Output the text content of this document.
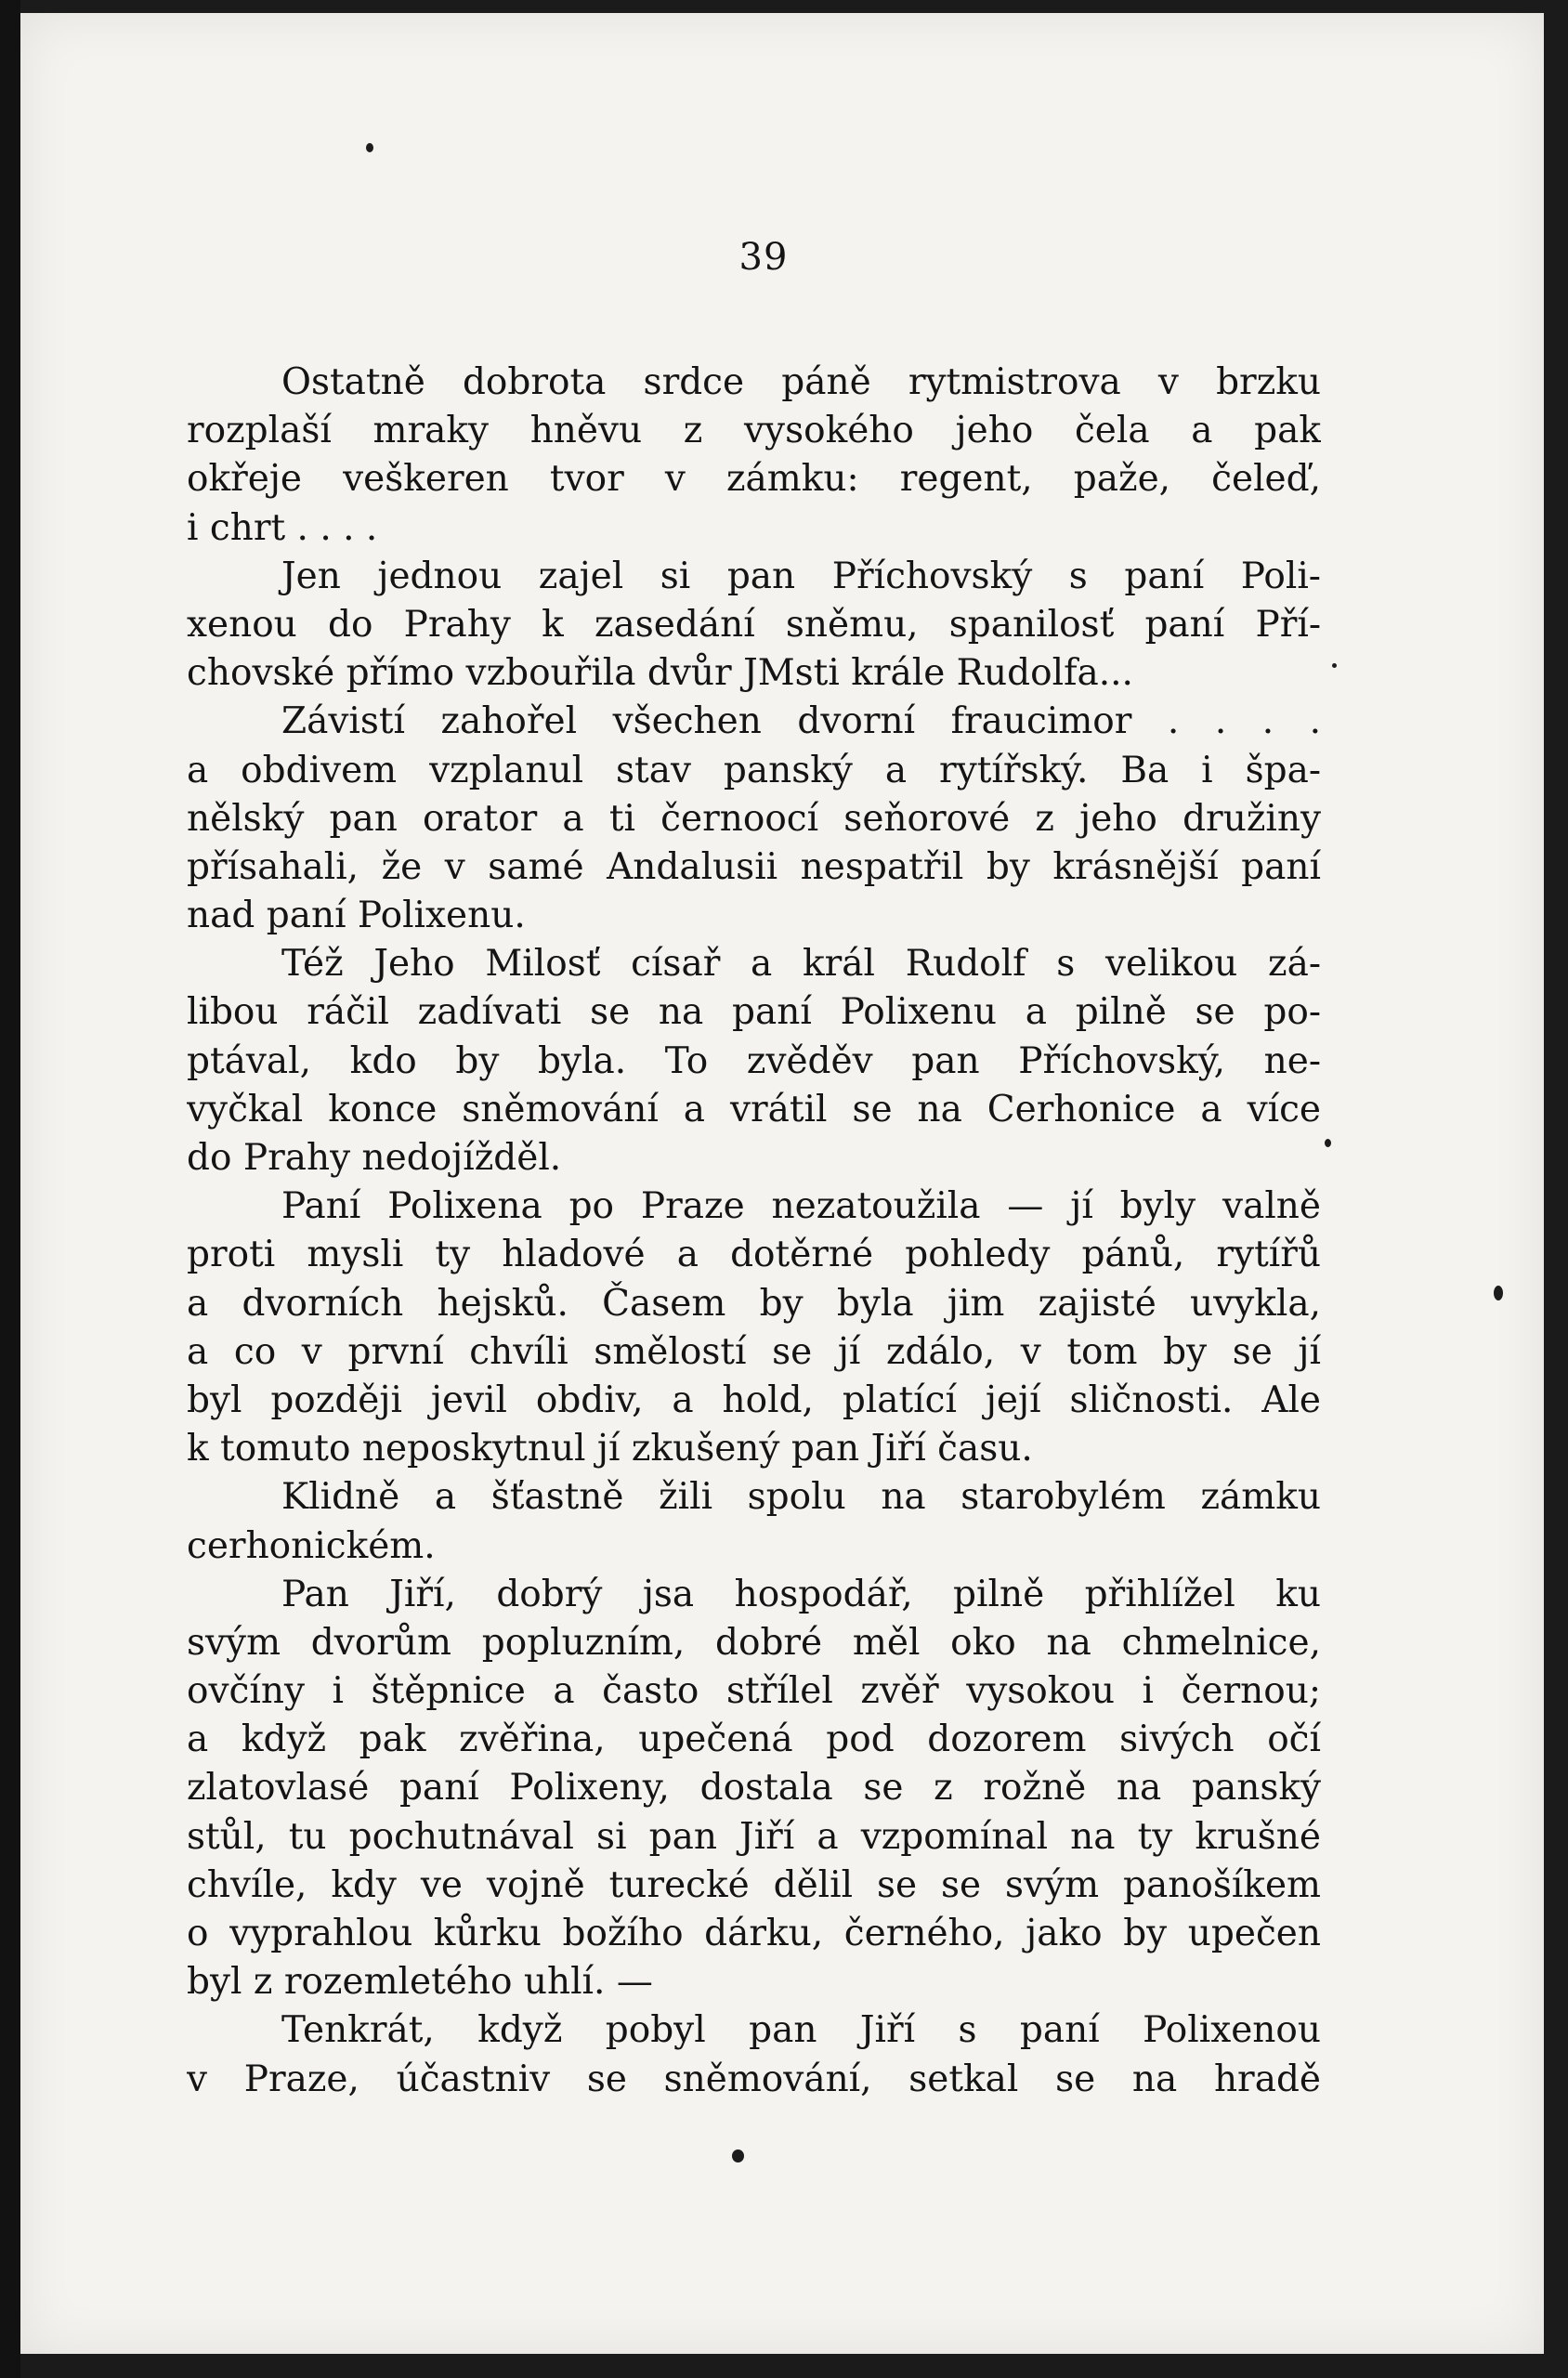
39
Ostatně dobrota srdce páně rytmistrova v brzku
rozplaší mraky hněvu z vysokého jeho čela a pak
okřeje veškeren tvor v zámku: regent, paže, čeleď,
i chrt . . . .
Jen jednou zajel si pan Příchovský s paní Poli-
xenou do Prahy k zasedání sněmu, spanilosť paní Pří-
chovské přímo vzbouřila dvůr JMsti krále Rudolfa...
Závistí zahořel všechen dvorní fraucimor . . . .
a obdivem vzplanul stav panský a rytířský. Ba i špa-
nělský pan orator a ti černoocí seňorové z jeho družiny
přísahali, že v samé Andalusii nespatřil by krásnější paní
nad paní Polixenu.
Též Jeho Milosť císař a král Rudolf s velikou zá-
libou ráčil zadívati se na paní Polixenu a pilně se po-
ptával, kdo by byla. To zvěděv pan Příchovský, ne-
vyčkal konce sněmování a vrátil se na Cerhonice a více
do Prahy nedojížděl.
Paní Polixena po Praze nezatoužila — jí byly valně
proti mysli ty hladové a dotěrné pohledy pánů, rytířů
a dvorních hejsků. Časem by byla jim zajisté uvykla,
a co v první chvíli smělostí se jí zdálo, v tom by se jí
byl později jevil obdiv, a hold, platící její sličnosti. Ale
k tomuto neposkytnul jí zkušený pan Jiří času.
Klidně a šťastně žili spolu na starobylém zámku
cerhonickém.
Pan Jiří, dobrý jsa hospodář, pilně přihlížel ku
svým dvorům popluzním, dobré měl oko na chmelnice,
ovčíny i štěpnice a často střílel zvěř vysokou i černou;
a když pak zvěřina, upečená pod dozorem sivých očí
zlatovlasé paní Polixeny, dostala se z rožně na panský
stůl, tu pochutnával si pan Jiří a vzpomínal na ty krušné
chvíle, kdy ve vojně turecké dělil se se svým panošíkem
o vyprahlou kůrku božího dárku, černého, jako by upečen
byl z rozemletého uhlí. —
Tenkrát, když pobyl pan Jiří s paní Polixenou
v Praze, účastniv se sněmování, setkal se na hradě
